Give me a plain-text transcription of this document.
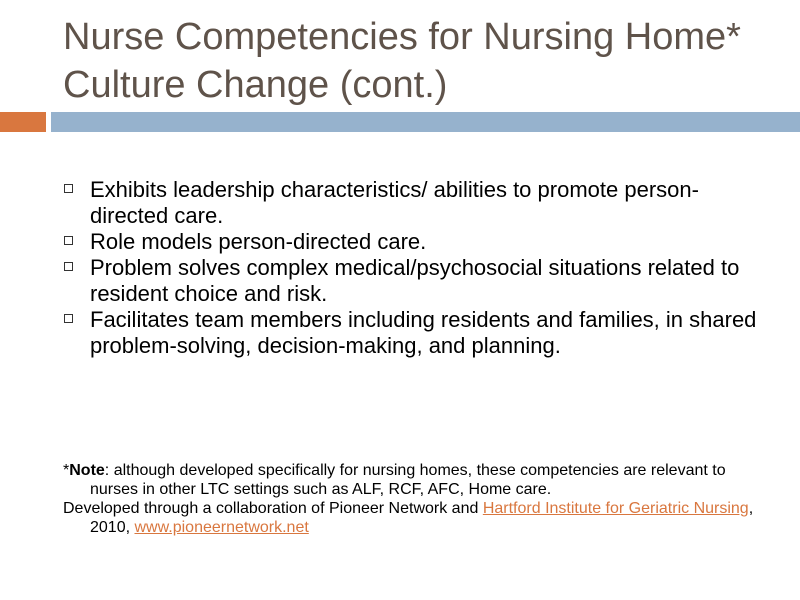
Nurse Competencies for Nursing Home* Culture Change (cont.)
Exhibits leadership characteristics/ abilities to promote person-directed care.
Role models person-directed care.
Problem solves complex medical/psychosocial situations related to resident choice and risk.
Facilitates team members including residents and families, in shared problem-solving, decision-making, and planning.

*Note: although developed specifically for nursing homes, these competencies are relevant to nurses in other LTC settings such as ALF, RCF, AFC, Home care.

Developed through a collaboration of Pioneer Network and Hartford Institute for Geriatric Nursing, 2010, www.pioneernetwork.net
